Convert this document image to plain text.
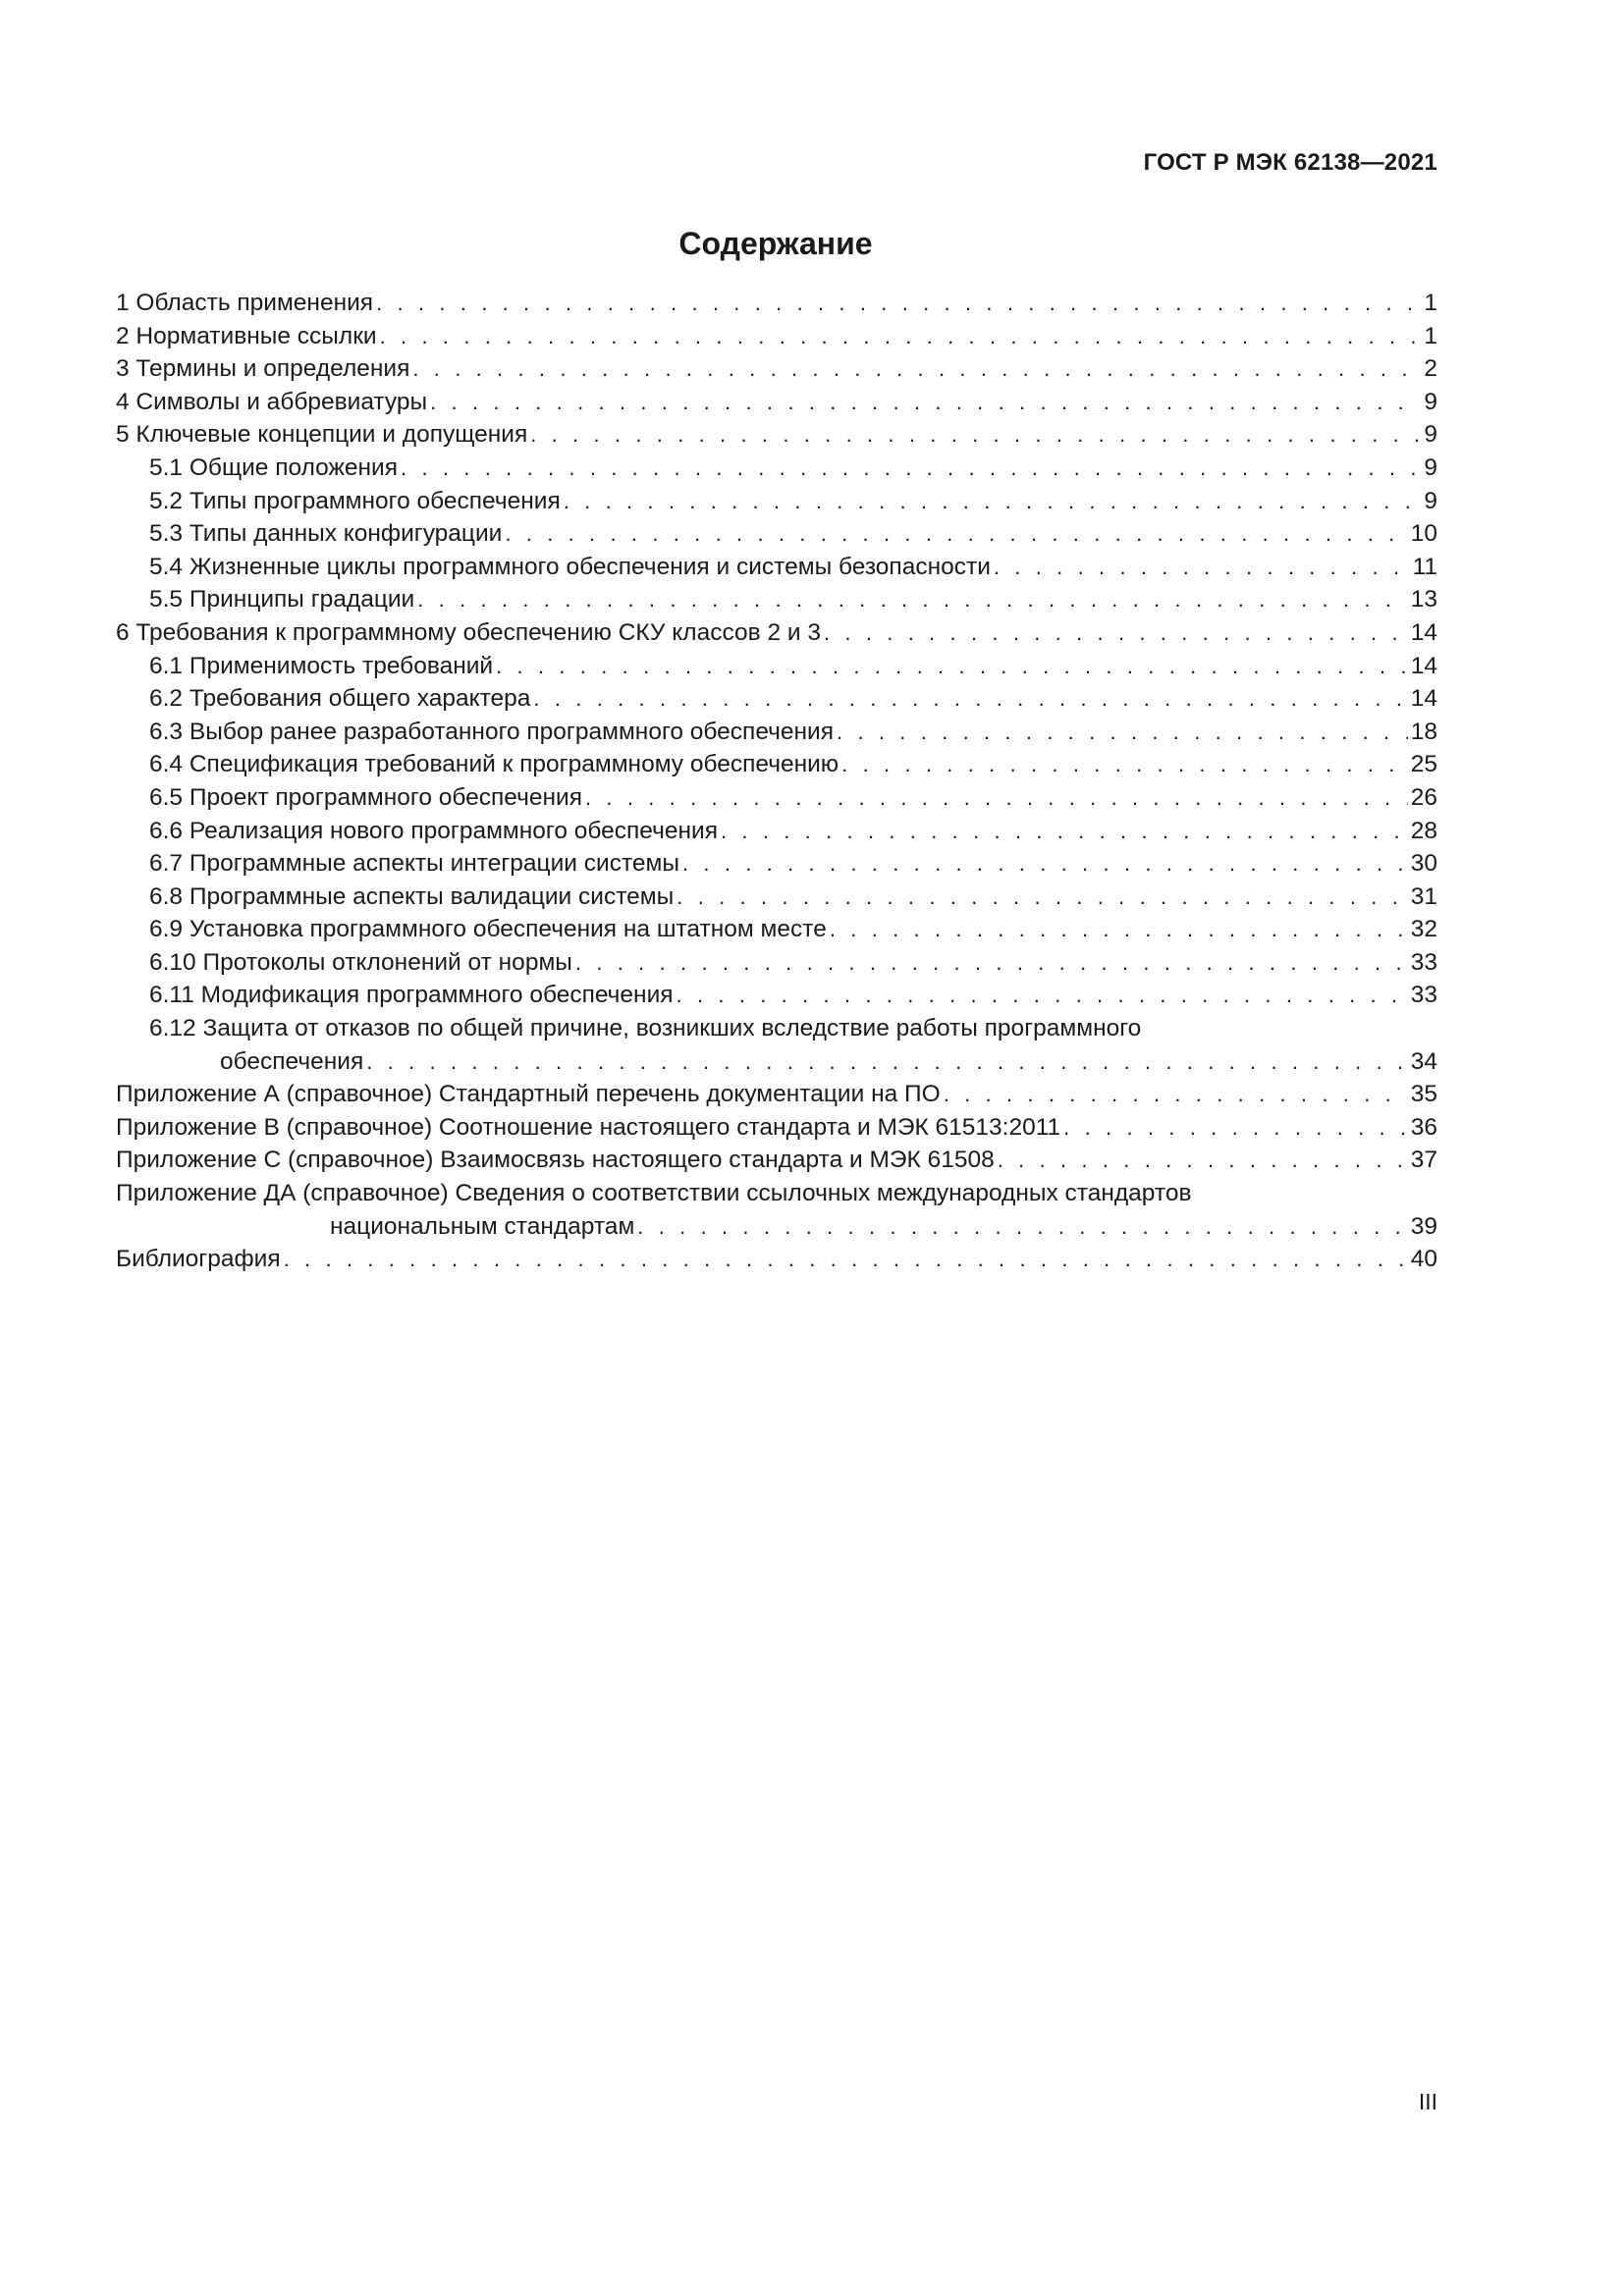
ГОСТ Р МЭК 62138—2021
Содержание
1 Область применения . . .	1
2 Нормативные ссылки . . .	1
3 Термины и определения . . .	2
4 Символы и аббревиатуры . . .	9
5 Ключевые концепции и допущения . . .	9
5.1 Общие положения . . .	9
5.2 Типы программного обеспечения . . .	9
5.3 Типы данных конфигурации . . .	10
5.4 Жизненные циклы программного обеспечения и системы безопасности . . .	11
5.5 Принципы градации . . .	13
6 Требования к программному обеспечению СКУ классов 2 и 3 . . .	14
6.1 Применимость требований . . .	14
6.2 Требования общего характера . . .	14
6.3 Выбор ранее разработанного программного обеспечения . . .	18
6.4 Спецификация требований к программному обеспечению . . .	25
6.5 Проект программного обеспечения . . .	26
6.6 Реализация нового программного обеспечения . . .	28
6.7 Программные аспекты интеграции системы . . .	30
6.8 Программные аспекты валидации системы . . .	31
6.9 Установка программного обеспечения на штатном месте . . .	32
6.10 Протоколы отклонений от нормы . . .	33
6.11 Модификация программного обеспечения . . .	33
6.12 Защита от отказов по общей причине, возникших вследствие работы программного
обеспечения . . .	34
Приложение А (справочное) Стандартный перечень документации на ПО . . .	35
Приложение В (справочное) Соотношение настоящего стандарта и МЭК 61513:2011 . . .	36
Приложение С (справочное) Взаимосвязь настоящего стандарта и МЭК 61508 . . .	37
Приложение ДА (справочное) Сведения о соответствии ссылочных международных стандартов
национальным стандартам . . .	39
Библиография . . .	40
III
